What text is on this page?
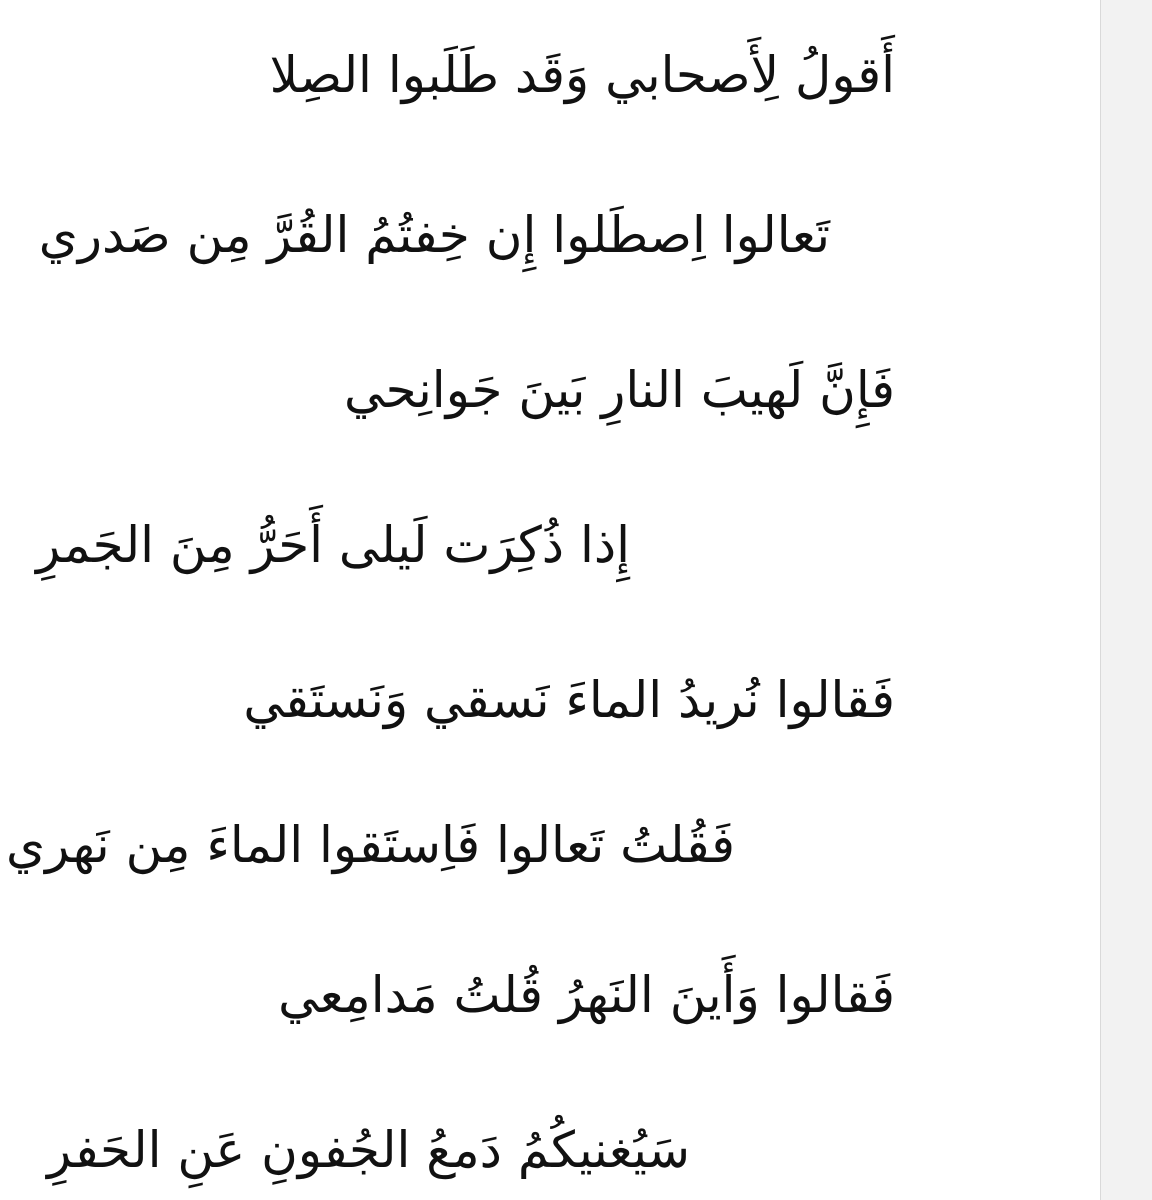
أَقولُ لِأَصحابي وَقَد طَلَبوا الصِلا
تَعالوا اِصطَلوا إِن خِفتُمُ القُرَّ مِن صَدري
فَإِنَّ لَهيبَ النارِ بَينَ جَوانِحي
إِذا ذُكِرَت لَيلى أَحَرُّ مِنَ الجَمرِ
فَقالوا نُريدُ الماءَ نَسقي وَنَستَقي
فَقُلتُ تَعالوا فَاِستَقوا الماءَ مِن نَهري
فَقالوا وَأَينَ النَهرُ قُلتُ مَدامِعي
سَيُغنيكُمُ دَمعُ الجُفونِ عَنِ الحَفرِ
